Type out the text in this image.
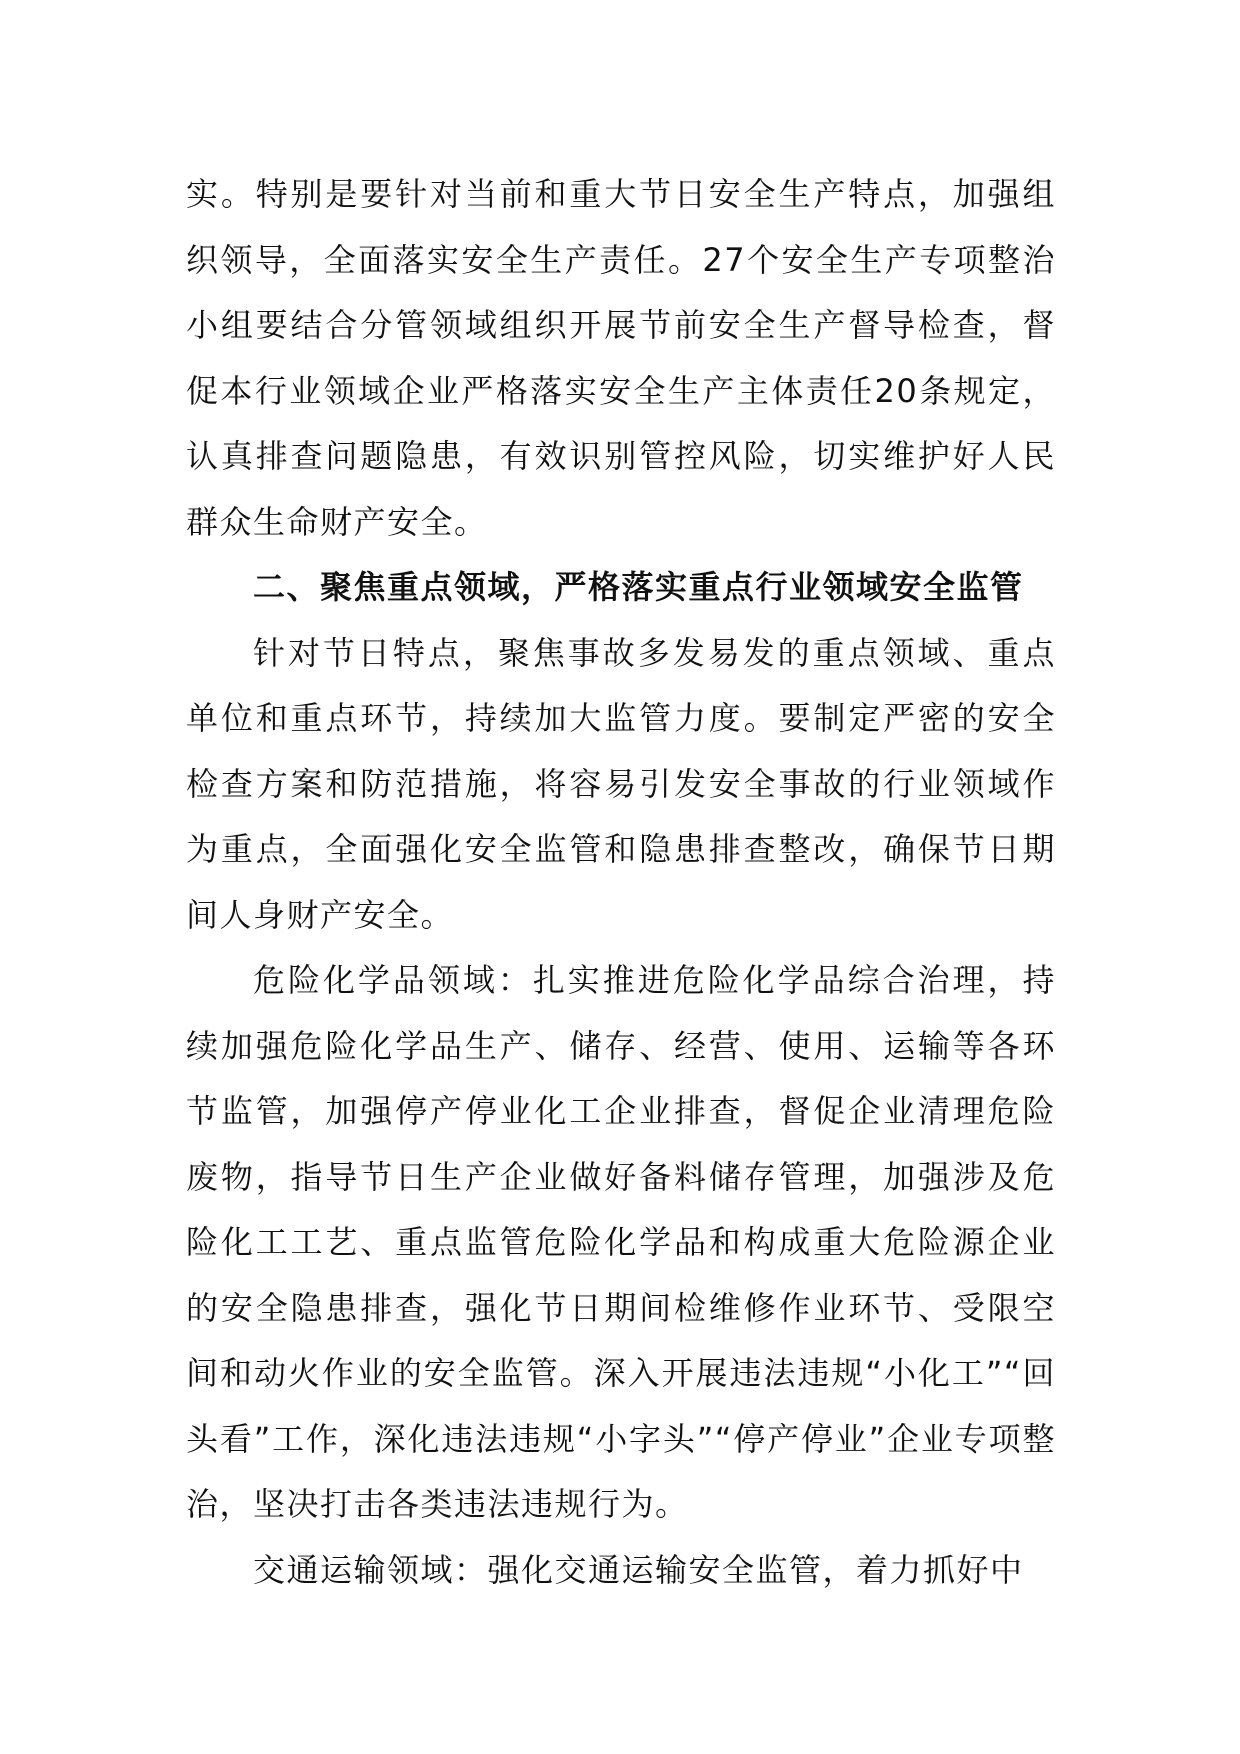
实。特别是要针对当前和重大节日安全生产特点，加强组织领导，全面落实安全生产责任。27个安全生产专项整治小组要结合分管领域组织开展节前安全生产督导检查，督促本行业领域企业严格落实安全生产主体责任20条规定，认真排查问题隐患，有效识别管控风险，切实维护好人民群众生命财产安全。

二、聚焦重点领域，严格落实重点行业领域安全监管

针对节日特点，聚焦事故多发易发的重点领域、重点单位和重点环节，持续加大监管力度。要制定严密的安全检查方案和防范措施，将容易引发安全事故的行业领域作为重点，全面强化安全监管和隐患排查整改，确保节日期间人身财产安全。

危险化学品领域：扎实推进危险化学品综合治理，持续加强危险化学品生产、储存、经营、使用、运输等各环节监管，加强停产停业化工企业排查，督促企业清理危险废物，指导节日生产企业做好备料储存管理，加强涉及危险化工工艺、重点监管危险化学品和构成重大危险源企业的安全隐患排查，强化节日期间检维修作业环节、受限空间和动火作业的安全监管。深入开展违法违规“小化工”“回头看”工作，深化违法违规“小字头”“停产停业”企业专项整治，坚决打击各类违法违规行为。

交通运输领域：强化交通运输安全监管，着力抓好中
